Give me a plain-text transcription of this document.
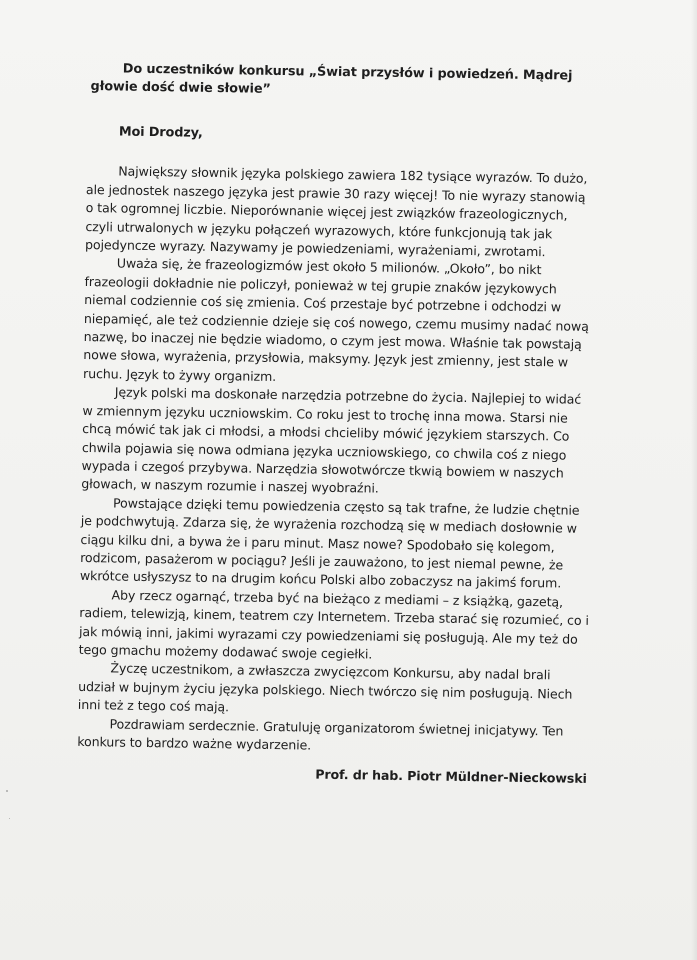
Do uczestników konkursu „Świat przysłów i powiedzeń. Mądrej głowie dość dwie słowie”
Moi Drodzy,

Największy słownik języka polskiego zawiera 182 tysiące wyrazów. To dużo, ale jednostek naszego języka jest prawie 30 razy więcej! To nie wyrazy stanowią o tak ogromnej liczbie. Nieporównanie więcej jest związków frazeologicznych, czyli utrwalonych w języku połączeń wyrazowych, które funkcjonują tak jak pojedyncze wyrazy. Nazywamy je powiedzeniami, wyrażeniami, zwrotami.

Uważa się, że frazeologizmów jest około 5 milionów. „Około”, bo nikt frazeologii dokładnie nie policzył, ponieważ w tej grupie znaków językowych niemal codziennie coś się zmienia. Coś przestaje być potrzebne i odchodzi w niepamięć, ale też codziennie dzieje się coś nowego, czemu musimy nadać nową nazwę, bo inaczej nie będzie wiadomo, o czym jest mowa. Właśnie tak powstają nowe słowa, wyrażenia, przysłowia, maksymy. Język jest zmienny, jest stale w ruchu. Język to żywy organizm.

Język polski ma doskonałe narzędzia potrzebne do życia. Najlepiej to widać w zmiennym języku uczniowskim. Co roku jest to trochę inna mowa. Starsi nie chcą mówić tak jak ci młodsi, a młodsi chcieliby mówić językiem starszych. Co chwila pojawia się nowa odmiana języka uczniowskiego, co chwila coś z niego wypada i czegoś przybywa. Narzędzia słowotwórcze tkwią bowiem w naszych głowach, w naszym rozumie i naszej wyobraźni.

Powstające dzięki temu powiedzenia często są tak trafne, że ludzie chętnie je podchwytują. Zdarza się, że wyrażenia rozchodzą się w mediach dosłownie w ciągu kilku dni, a bywa że i paru minut. Masz nowe? Spodobało się kolegom, rodzicom, pasażerom w pociągu? Jeśli je zauważono, to jest niemal pewne, że wkrótce usłyszysz to na drugim końcu Polski albo zobaczysz na jakimś forum.

Aby rzecz ogarnąć, trzeba być na bieżąco z mediami – z książką, gazetą, radiem, telewizją, kinem, teatrem czy Internetem. Trzeba starać się rozumieć, co i jak mówią inni, jakimi wyrazami czy powiedzeniami się posługują. Ale my też do tego gmachu możemy dodawać swoje cegiełki.

Życzę uczestnikom, a zwłaszcza zwycięzcom Konkursu, aby nadal brali udział w bujnym życiu języka polskiego. Niech twórczo się nim posługują. Niech inni też z tego coś mają.

Pozdrawiam serdecznie. Gratuluję organizatorom świetnej inicjatywy. Ten konkurs to bardzo ważne wydarzenie.

Prof. dr hab. Piotr Müldner-Nieckowski
